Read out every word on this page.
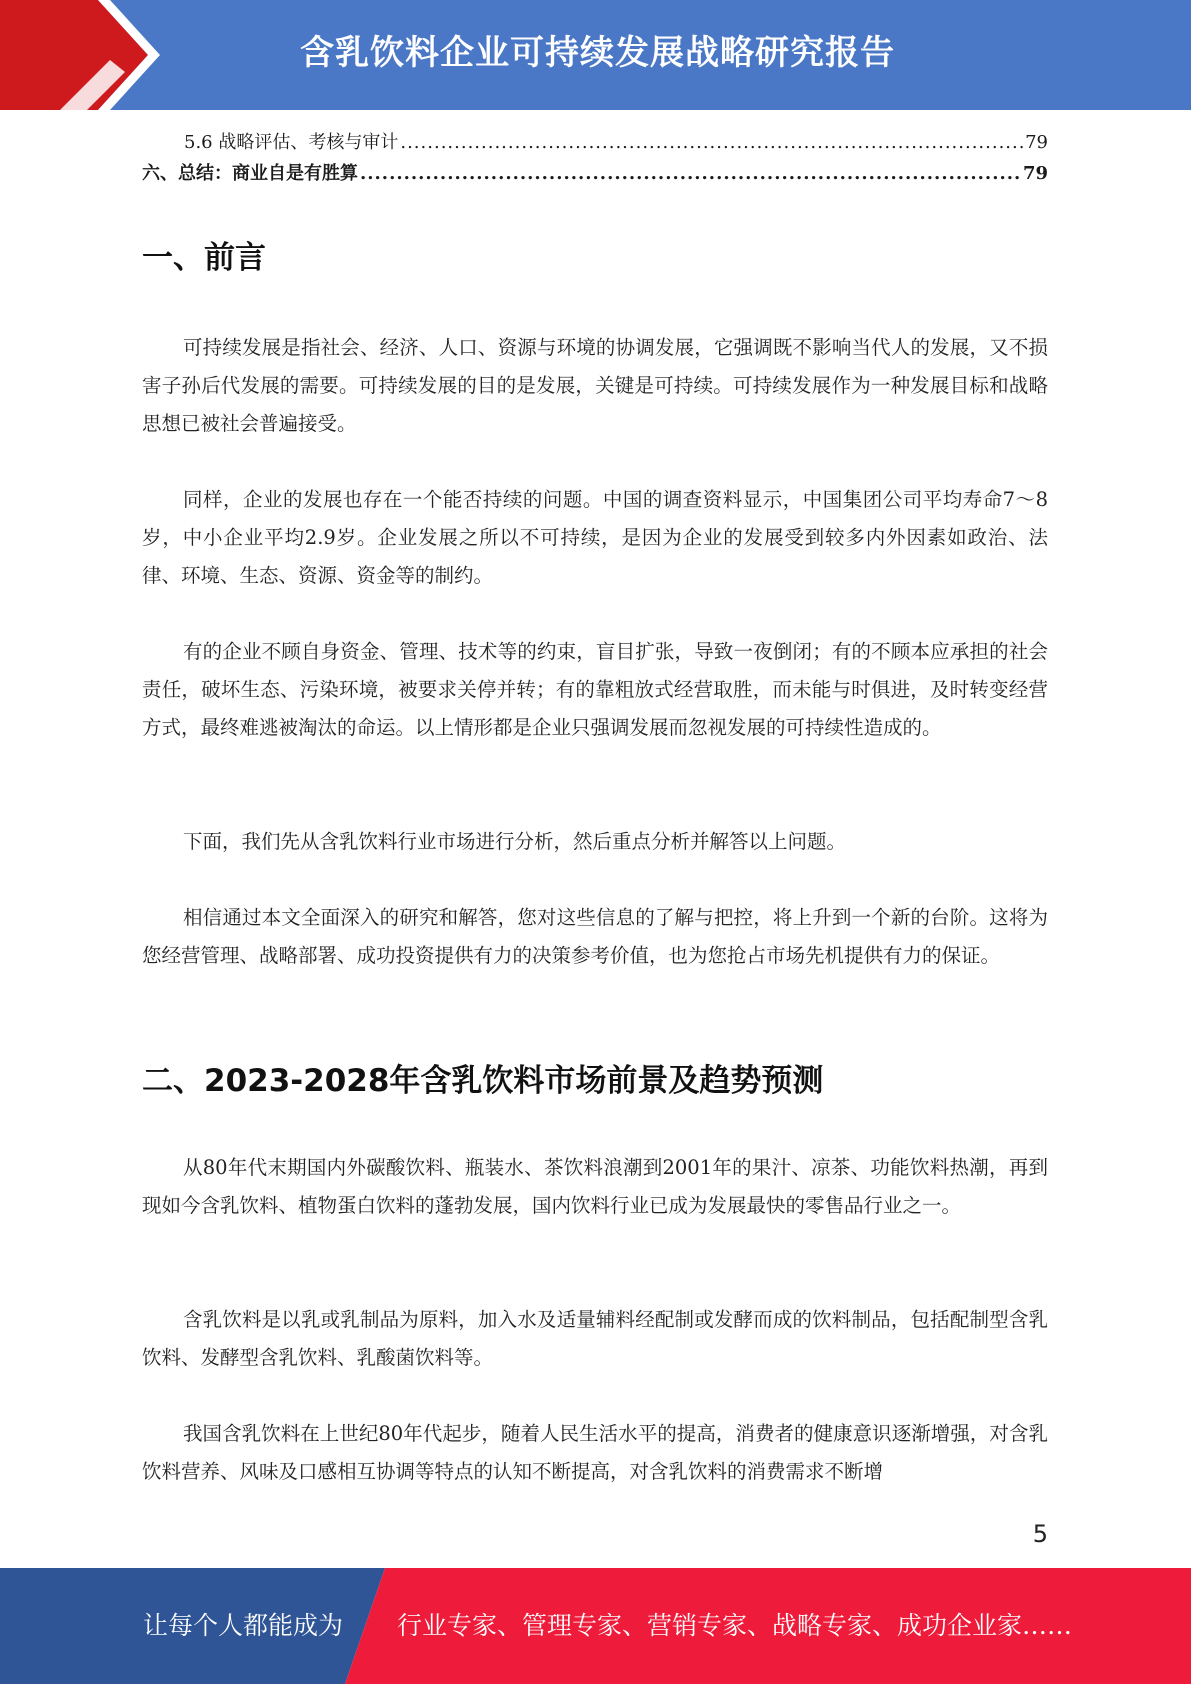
含乳饮料企业可持续发展战略研究报告
5.6 战略评估、考核与审计 .....	79
六、总结：商业自是有胜算 .....	79
一、前言

可持续发展是指社会、经济、人口、资源与环境的协调发展，它强调既不影响当代人的发展，又不损害子孙后代发展的需要。可持续发展的目的是发展，关键是可持续。可持续发展作为一种发展目标和战略思想已被社会普遍接受。

同样，企业的发展也存在一个能否持续的问题。中国的调查资料显示，中国集团公司平均寿命7～8岁，中小企业平均2.9岁。企业发展之所以不可持续，是因为企业的发展受到较多内外因素如政治、法律、环境、生态、资源、资金等的制约。

有的企业不顾自身资金、管理、技术等的约束，盲目扩张，导致一夜倒闭；有的不顾本应承担的社会责任，破坏生态、污染环境，被要求关停并转；有的靠粗放式经营取胜，而未能与时俱进，及时转变经营方式，最终难逃被淘汰的命运。以上情形都是企业只强调发展而忽视发展的可持续性造成的。

下面，我们先从含乳饮料行业市场进行分析，然后重点分析并解答以上问题。

相信通过本文全面深入的研究和解答，您对这些信息的了解与把控，将上升到一个新的台阶。这将为您经营管理、战略部署、成功投资提供有力的决策参考价值，也为您抢占市场先机提供有力的保证。

二、2023-2028年含乳饮料市场前景及趋势预测

从80年代末期国内外碳酸饮料、瓶装水、茶饮料浪潮到2001年的果汁、凉茶、功能饮料热潮，再到现如今含乳饮料、植物蛋白饮料的蓬勃发展，国内饮料行业已成为发展最快的零售品行业之一。

含乳饮料是以乳或乳制品为原料，加入水及适量辅料经配制或发酵而成的饮料制品，包括配制型含乳饮料、发酵型含乳饮料、乳酸菌饮料等。

我国含乳饮料在上世纪80年代起步，随着人民生活水平的提高，消费者的健康意识逐渐增强，对含乳饮料营养、风味及口感相互协调等特点的认知不断提高，对含乳饮料的消费需求不断增

5
让每个人都能成为 行业专家、管理专家、营销专家、战略专家、成功企业家……
